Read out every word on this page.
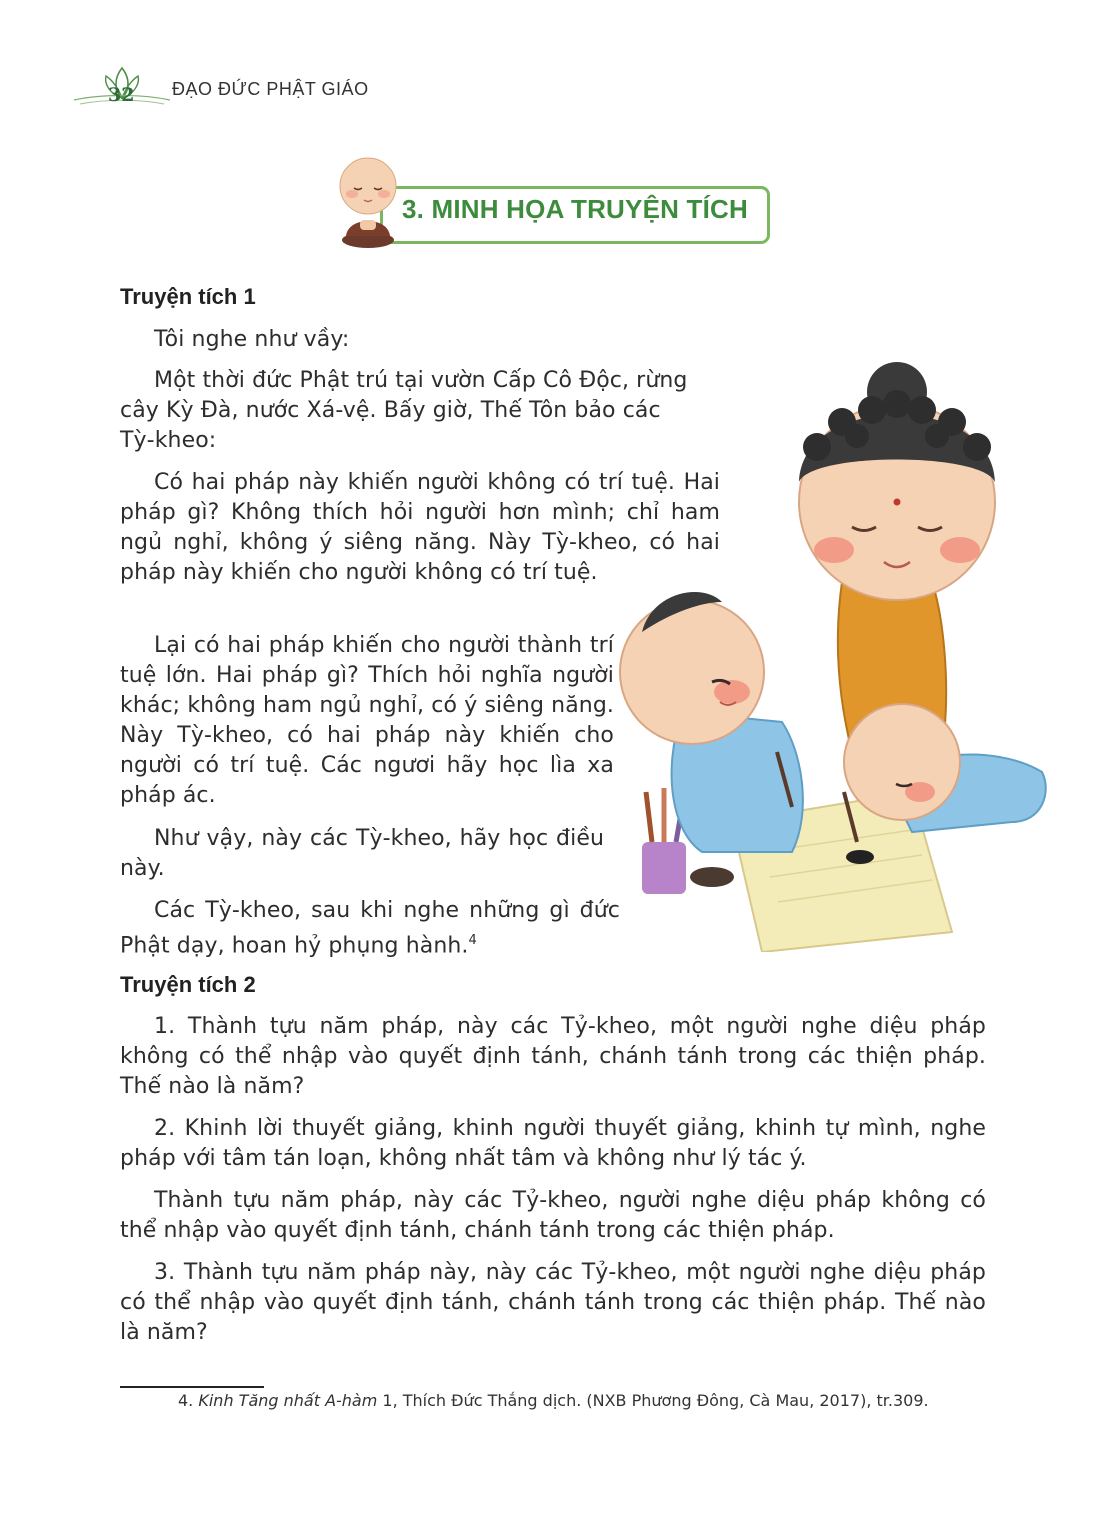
32 ĐẠO ĐỨC PHẬT GIÁO
3. MINH HỌA TRUYỆN TÍCH
Truyện tích 1

Tôi nghe như vầy:

Một thời đức Phật trú tại vườn Cấp Cô Độc, rừng

cây Kỳ Đà, nước Xá-vệ. Bấy giờ, Thế Tôn bảo các

Tỳ-kheo:

Có hai pháp này khiến người không có trí tuệ. Hai pháp gì? Không thích hỏi người hơn mình; chỉ ham ngủ nghỉ, không ý siêng năng. Này Tỳ-kheo, có hai pháp này khiến cho người không có trí tuệ.

Lại có hai pháp khiến cho người thành trí tuệ lớn. Hai pháp gì? Thích hỏi nghĩa người khác; không ham ngủ nghỉ, có ý siêng năng. Này Tỳ-kheo, có hai pháp này khiến cho người có trí tuệ. Các ngươi hãy học lìa xa pháp ác.

Như vậy, này các Tỳ-kheo, hãy học điều này.

Các Tỳ-kheo, sau khi nghe những gì đức Phật dạy, hoan hỷ phụng hành.$^4$

Truyện tích 2

1. Thành tựu năm pháp, này các Tỷ-kheo, một người nghe diệu pháp không có thể nhập vào quyết định tánh, chánh tánh trong các thiện pháp. Thế nào là năm?

2. Khinh lời thuyết giảng, khinh người thuyết giảng, khinh tự mình, nghe pháp với tâm tán loạn, không nhất tâm và không như lý tác ý.

Thành tựu năm pháp, này các Tỷ-kheo, người nghe diệu pháp không có thể nhập vào quyết định tánh, chánh tánh trong các thiện pháp.

3. Thành tựu năm pháp này, này các Tỷ-kheo, một người nghe diệu pháp có thể nhập vào quyết định tánh, chánh tánh trong các thiện pháp. Thế nào là năm?

4. Kinh Tăng nhất A-hàm 1, Thích Đức Thắng dịch. (NXB Phương Đông, Cà Mau, 2017), tr.309.
